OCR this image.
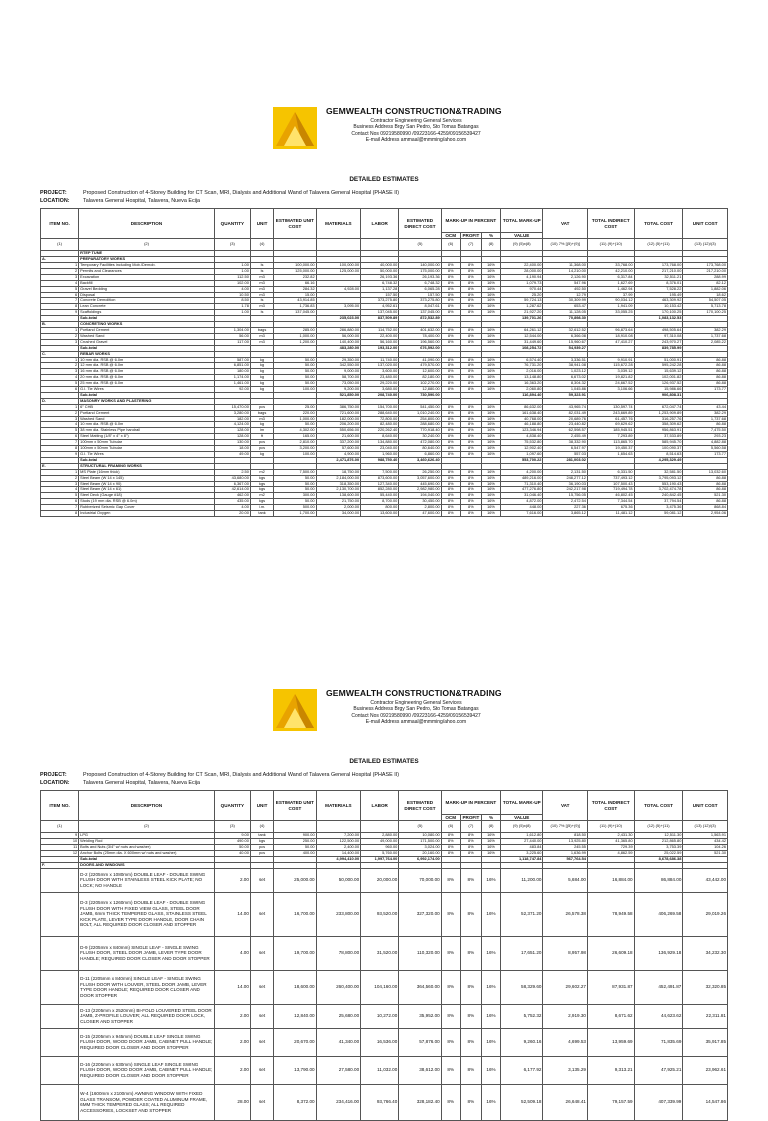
GEMWEALTH CONSTRUCTION&TRADING
Contractor Engineering General Services
Business Address Brgy San Pedro, Sto Tomas Batangas
Contact Nos 09219580990 /09223166-4259/09156539427
E-mail Address ammaal@mmming/ahoo.com
DETAILED ESTIMATES
PROJECT:	Proposed Construction of 4-Storey Building for CT Scan, MRI, Dialysis and Additional Wand of Talavera General Hospital (PHASE II)
LOCATION: Talavera General Hospital, Talavera, Nueva Ecija
ITEM NO.	DESCRIPTION	QUANTITY	UNIT	ESTIMATED UNIT COST	MATERIALS	LABOR	ESTIMATED DIRECT COST	MARK-UP IN PERCENT			TOTAL MARK-UP	VAT	TOTAL INDIRECT COST	TOTAL COST	UNIT COST
								OCM	PROFIT	%	VALUE				
(1)	(2)	(3)	(4)				(5)	(6)	(7)	(8)	(9) (5)x(8)	(10) 7% [(5)+(9)]	(11) (9)+(10)	(12) (5)+(11)	(13) (12)/(3)
	RTEP TUNE														
A.	PREPARATORY WORKS														
1	Temporary Facilities including Mob./Demob.	1.00	ls	100,000.00	100,000.00	40,000.00	140,000.00	8%	8%	16%	22,400.00	11,368.00	33,768.00	173,768.00	173,768.00
2	Permits and Clearances	1.00	ls	125,000.00	125,000.00	50,000.00	175,000.00	8%	8%	16%	28,000.00	14,210.00	42,210.00	217,210.00	217,210.00
3	Excavation	112.50	m3	232.82		26,193.36	26,193.36	8%	8%	16%	4,190.94	2,126.90	6,317.84	32,511.21	288.99
4	Backfill	102.00	m3	66.16		6,748.32	6,748.32	8%	8%	16%	1,079.73	547.96	1,627.69	8,376.01	82.12
5	Gravel Bedding	4.00	m3	284.32	4,928.00	1,137.28	6,065.28	8%	8%	16%	970.44	492.50	1,462.94	7,528.22	1,882.06
6	Disposal	10.50	m3	15.00		157.50	157.50	8%	8%	16%	25.20	12.79	37.99	195.49	18.62
7	Concrete Demolition	8.50	ls	43,914.85		373,275.80	373,275.80	8%	8%	16%	59,724.13	30,309.99	90,034.12	463,309.92	54,507.05
8	Lean Concrete	1.78	m3	1,736.83	3,095.00	4,952.61	8,047.61	8%	8%	16%	1,287.62	653.47	1,941.09	10,153.42	5,713.78
9	Scaffoldings	1.00	ls	137,045.00		137,045.00	137,045.00	8%	8%	16%	21,927.20	11,128.05	33,055.25	170,100.25	170,100.25
	Sub-total				235,023.00	837,509.89	872,532.89				139,701.26	70,898.30		1,083,132.53	
B.	CONCRETING WORKS														
1	Portland Cement	1,304.00	bags	285.00	286,880.00	114,752.00	401,632.00	8%	8%	16%	64,261.12	32,612.52	96,873.64	498,505.64	382.29
2	Washed Sand	56.00	m3	1,000.00	56,000.00	22,400.00	78,400.00	8%	8%	16%	12,544.00	6,366.08	18,910.08	97,310.08	1,737.68
3	Crushed Gravel	117.00	m3	1,200.00	140,400.00	56,160.00	196,560.00	8%	8%	16%	31,449.60	15,960.67	47,410.27	243,970.27	2,085.22
	Sub-total				483,280.00	193,312.00	676,592.00				108,254.72	54,939.27		839,785.99	
C.	REBAR WORKS														
1	10 mm dia. RSB @ 6.0m	587.00	kg	50.00	29,350.00	11,740.00	41,090.00	8%	8%	16%	6,574.40	3,336.51	9,910.91	51,000.91	86.88
2	12 mm dia. RSB @ 6.0m	6,851.00	kg	50.00	342,550.00	137,020.00	479,570.00	8%	8%	16%	76,731.20	38,941.08	115,672.28	595,242.28	86.88
3	16 mm dia. RSB @ 6.0m	180.00	kg	50.00	9,000.00	3,600.00	12,600.00	8%	8%	16%	2,016.00	1,023.12	3,039.12	15,639.12	86.88
4	20 mm dia. RSB @ 6.0m	1,174.00	kg	50.00	58,700.00	23,480.00	82,180.00	8%	8%	16%	13,148.80	6,673.02	19,821.82	102,001.82	86.88
5	25 mm dia. RSB @ 6.0m	1,461.00	kg	50.00	73,050.00	29,220.00	102,270.00	8%	8%	16%	16,363.20	8,304.32	24,667.52	126,937.52	86.88
6	G.I. Tie Wires	92.00	kg	100.00	9,200.00	3,680.00	12,880.00	8%	8%	16%	2,060.80	1,045.86	3,106.66	15,986.66	173.77
	Sub-total				521,850.00	208,740.00	730,590.00				116,894.40	59,323.91		906,808.31	
D.	MASONRY WORKS AND PLASTERING														
1	6" CHB	15,470.00	pcs	25.00	386,750.00	154,700.00	541,450.00	8%	8%	16%	86,632.00	43,965.74	130,597.74	672,047.74	43.44
2	Portland Cement	3,280.00	bags	220.00	721,600.00	288,640.00	1,010,240.00	8%	8%	16%	161,638.40	82,031.49	243,669.89	1,253,909.89	382.29
3	Washed Sand	182.00	m3	1,000.00	182,000.00	72,800.00	254,800.00	8%	8%	16%	40,768.00	20,689.76	61,457.76	316,257.76	1,737.68
4	10 mm dia. RSB @ 6.0m	4,124.00	kg	50.00	206,200.00	82,480.00	288,680.00	8%	8%	16%	46,188.80	23,440.82	69,629.62	358,309.62	86.88
5	38 mm dia. Stainless Pipe handrail	128.00	lm	4,302.00	550,656.00	220,262.40	770,918.40	8%	8%	16%	123,346.94	62,598.57	185,945.51	956,863.91	7,475.50
6	Steel Matting (1/8" x 4" x 8")	128.00	ft	165.00	21,600.00	8,640.00	30,240.00	8%	8%	16%	4,838.40	2,455.49	7,293.89	37,533.89	293.23
7	100mm x 50mm Tubular	130.00	pcs	2,810.00	337,200.00	134,880.00	472,080.00	8%	8%	16%	75,532.80	38,332.90	113,865.70	585,945.70	4,882.88
8	100mm x 50mm Tubular	18.00	pcs	3,200.00	57,600.00	23,040.00	80,640.00	8%	8%	16%	12,902.40	6,547.97	19,450.37	100,090.37	5,560.58
9	G.I. Tie Wires	49.00	kg	100.00	4,900.00	1,960.00	6,860.00	8%	8%	16%	1,097.60	557.03	1,654.63	8,514.63	173.77
	Sub-total				2,471,876.00	988,750.40	3,460,626.40				553,700.22	281,003.02		4,295,329.49	
E.	STRUCTURAL FRAMING WORKS														
1	MS Plate (16mm thick)	2.50	m2	7,500.00	18,750.00	7,500.00	26,250.00	8%	8%	16%	4,200.00	2,131.50	6,331.50	32,581.50	13,032.60
2	Steel Beam (W 14 x 145)	43,680.00	kgs	50.00	2,184,000.00	873,600.00	3,057,600.00	8%	8%	16%	489,216.00	248,277.12	737,493.12	3,795,093.12	86.88
3	Steel Beam (W 14 x 90)	6,367.00	kgs	50.00	318,350.00	127,340.00	445,690.00	8%	8%	16%	71,310.40	36,190.03	107,500.43	553,190.43	86.88
4	Steel Beam (W 14 x 61)	42,614.00	kgs	50.00	2,130,700.00	852,280.00	2,982,980.00	8%	8%	16%	477,276.80	242,217.98	719,494.78	3,702,474.78	86.88
5	Steel Deck (Gauge #18)	462.00	m2	300.00	138,600.00	55,440.00	194,040.00	8%	8%	16%	31,046.40	15,756.05	46,802.45	240,842.45	521.30
6	Studs (19 mm dia. RSB @ 6.0m)	435.00	kgs	50.00	21,750.00	8,700.00	30,450.00	8%	8%	16%	4,872.00	2,472.54	7,344.54	37,794.54	86.88
7	Rubberized Seismic Gap Cover	4.00	l.m.	500.00	2,000.00	800.00	2,800.00	8%	8%	16%	448.00	227.36	675.36	3,475.36	868.84
8	Industrial Oxygen	20.00	tank	1,700.00	34,000.00	13,600.00	47,600.00	8%	8%	16%	7,616.00	3,865.12	11,481.12	59,081.12	2,954.06
GEMWEALTH CONSTRUCTION&TRADING
Contractor Engineering General Services
Business Address Brgy San Pedro, Sto Tomas Batangas
Contact Nos 09219580990 /09223166-4259/09156539427
E-mail Address ammaal@mmming/ahoo.com
DETAILED ESTIMATES
PROJECT:	Proposed Construction of 4-Storey Building for CT Scan, MRI, Dialysis and Additional Wand of Talavera General Hospital (PHASE II)
LOCATION: Talavera General Hospital, Talavera, Nueva Ecija
ITEM NO.	DESCRIPTION	QUANTITY	UNIT	ESTIMATED UNIT COST	MATERIALS	LABOR	ESTIMATED DIRECT COST	MARK-UP IN PERCENT			TOTAL MARK-UP	VAT	TOTAL INDIRECT COST	TOTAL COST	UNIT COST
								OCM	PROFIT	%	VALUE				
(1)	(2)	(3)	(4)				(5)	(6)	(7)	(8)	(9) (5)x(8)	(10) 7% [(5)+(9)]	(11) (9)+(10)	(12) (5)+(11)	(13) (12)/(3)
9	LPG	9.00	tank	900.00	7,200.00	2,880.00	10,080.00	8%	8%	16%	1,612.80	818.50	2,431.30	12,511.30	1,563.91
10	Welding Rod	490.00	kgs	250.00	122,500.00	49,000.00	171,500.00	8%	8%	16%	27,440.00	13,925.80	41,365.80	212,865.80	434.42
11	Bolts and Nuts (3/4" w/ nuts and washer)	50.00	pcs	50.00	2,400.00	960.00	3,024.00	8%	8%	16%	483.84	245.55	729.39	3,753.39	104.26
12	Anchor Bolts (25mm dia. X 600mm w/ nuts and washer)	40.00	pcs	400.00	14,400.00	5,760.00	20,160.00	8%	8%	16%	3,225.60	1,636.99	4,862.59	25,022.59	521.30
	Sub-total				4,994,410.00	1,997,764.00	6,992,174.00				1,118,747.84	567,764.54		8,678,686.38	
F.	DOORS AND WINDOWS														
	D-2 (2205mm x 1080mm) DOUBLE LEAF - DOUBLE SWING FLUSH DOOR WITH STAINLESS STEEL KICK PLATE; NO LOCK; NO HANDLE	2.00	set	25,000.00	50,000.00	20,000.00	70,000.00	8%	8%	16%	11,200.00	5,684.00	16,884.00	86,884.00	43,442.00
	D-3 (2205mm x 1260mm) DOUBLE LEAF - DOUBLE SWING FLUSH DOOR WITH FIXED VIEW GLASS, STEEL DOOR JAMB, 6mm THICK TEMPERED GLASS, STAINLESS STEEL KICK PLATE, LEVER TYPE DOOR HANDLE, DOOR CHAIN BOLT, ALL REQUIRED DOOR CLOSER AND STOPPER	14.00	set	16,700.00	233,800.00	93,520.00	327,320.00	8%	8%	16%	52,371.20	26,578.38	78,949.58	406,269.58	29,019.26
	D-9 (2205mm x 840mm) SINGLE LEAF - SINGLE SWING FLUSH DOOR, STEEL DOOR JAMB, LEVER TYPE DOOR HANDLE; REQUIRED DOOR CLOSER AND DOOR STOPPER	4.00	set	19,700.00	78,800.00	31,520.00	110,320.00	8%	8%	16%	17,651.20	8,957.98	26,609.18	136,929.18	34,232.30
	D-11 (2205mm x 840mm) SINGLE LEAF - SINGLE SWING FLUSH DOOR WITH LOUVER, STEEL DOOR JAMB, LEVER TYPE DOOR HANDLE; REQUIRED DOOR CLOSER AND DOOR STOPPER	14.00	set	18,600.00	260,400.00	104,160.00	364,560.00	8%	8%	16%	58,329.60	29,602.27	87,931.87	452,491.87	32,320.85
	D-13 (2205mm x 2520mm) BI-FOLD LOUVERED STEEL DOOR JAMB, Z-PROFILE LOUVER; ALL REQUIRED DOOR LOCK, CLOSER AND STOPPER	2.00	set	12,840.00	25,680.00	10,272.00	35,952.00	8%	8%	16%	5,752.32	2,919.30	8,671.62	44,623.62	22,311.81
	D-15 (2205mm x 945mm) DOUBLE LEAF SINGLE SWING FLUSH DOOR, WOOD DOOR JAMB, CABINET PULL HANDLE; REQUIRED DOOR CLOSER AND DOOR STOPPER	2.00	set	20,670.00	41,340.00	16,536.00	57,876.00	8%	8%	16%	9,260.16	4,699.53	13,959.69	71,835.69	35,917.85
	D-16 (2205mm x 630mm) SINGLE LEAF SINGLE SWING FLUSH DOOR, WOOD DOOR JAMB, CABINET PULL HANDLE; REQUIRED DOOR CLOSER AND DOOR STOPPER	2.00	set	13,790.00	27,580.00	11,032.00	38,612.00	8%	8%	16%	6,177.92	3,135.29	9,313.21	47,925.21	23,962.61
	W-4 (1600mm x 2100mm) AWNING WINDOW WITH FIXED GLASS TRANSOM, POWDER COATED ALUMINUM FRAME, 6MM THICK TEMPERED GLASS; ALL REQUIRED ACCESSORIES, LOCKSET AND STOPPER	28.00	set	8,372.00	234,416.00	93,766.40	328,182.40	8%	8%	16%	52,509.18	26,648.41	79,157.59	407,339.99	14,547.86
